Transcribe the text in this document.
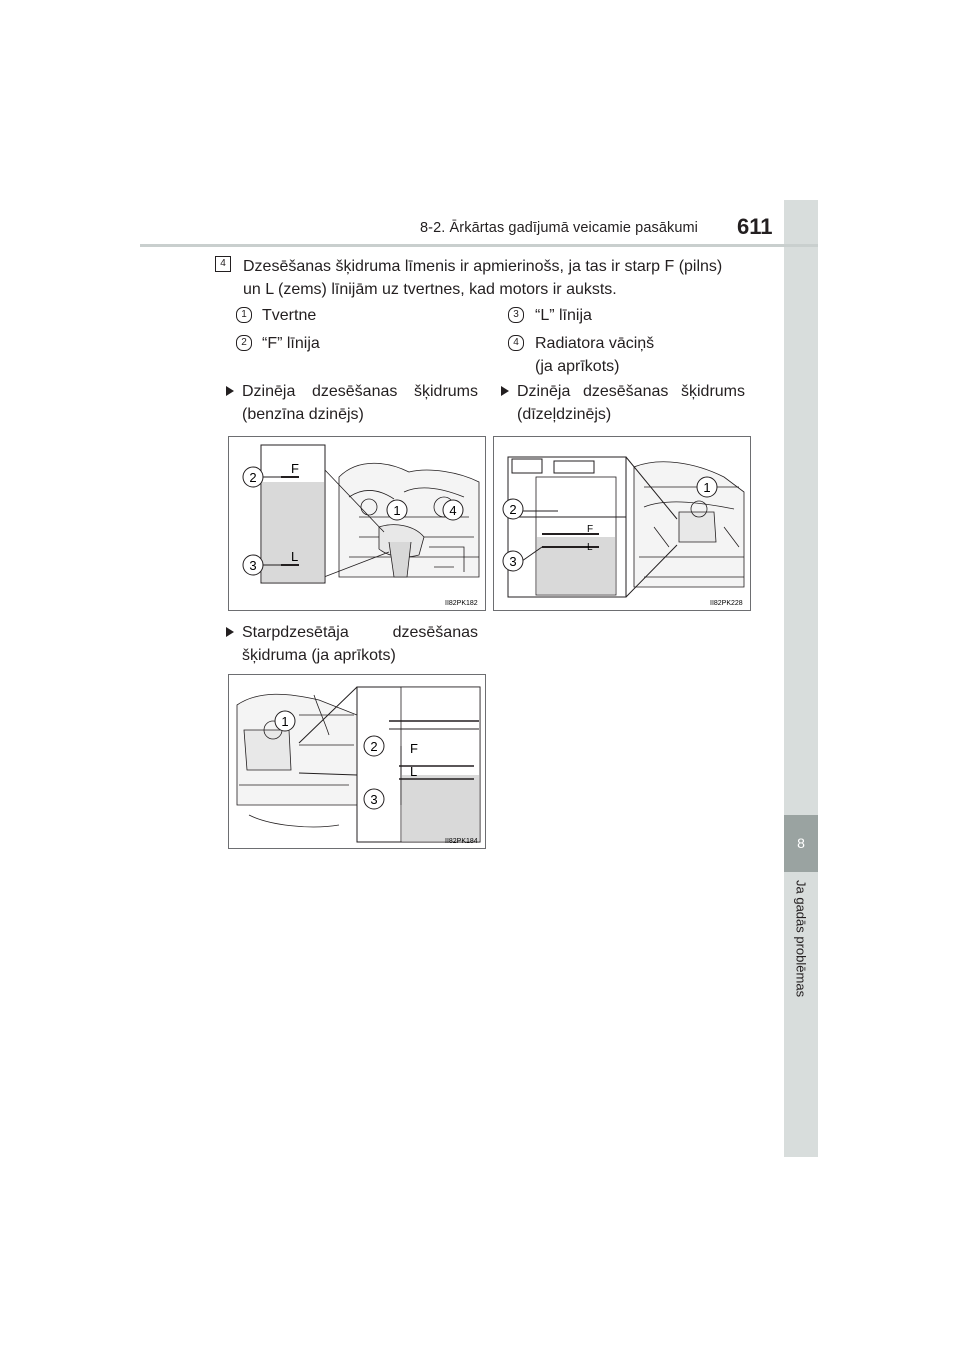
8
Ja gadās problēmas
8-2. Ārkārtas gadījumā veicamie pasākumi 611
4	Dzesēšanas šķidruma līmenis ir apmierinošs, ja tas ir starp F (pilns)
un L (zems) līnijām uz tvertnes, kad motors ir auksts.
1 Tvertne
2 “F” līnija
3	“L” līnija
4	Radiatora vāciņš
(ja aprīkots)
Dzinēja dzesēšanas šķidrums
(benzīna dzinējs)
Dzinēja dzesēšanas šķidrums
(dīzeļdzinējs)
F
L
2
3
1	4
II82PK182
F
L
2
3
1
II82PK228
Starpdzesētāja dzesēšanas
šķidruma (ja aprīkots)
F
L
2
3
1
II82PK184
